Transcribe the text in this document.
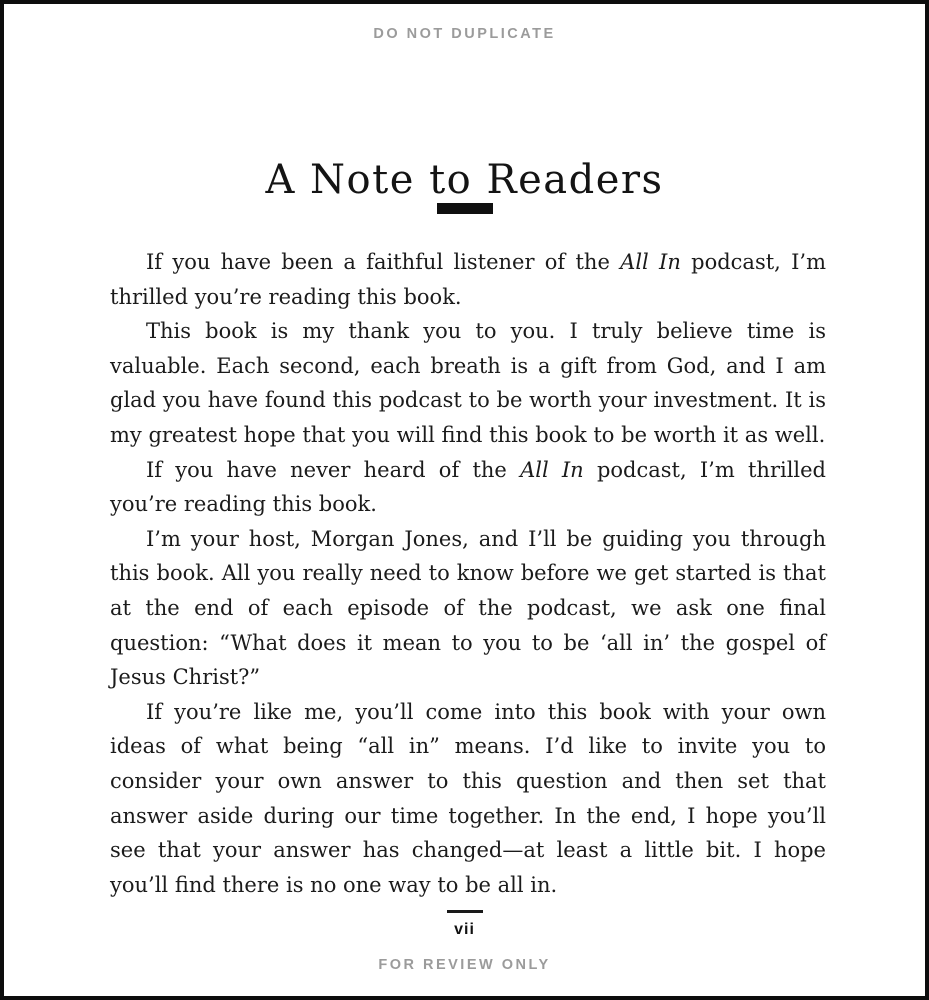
DO NOT DUPLICATE
A Note to Readers

If you have been a faithful listener of the All In podcast, I’m thrilled you’re reading this book.

This book is my thank you to you. I truly believe time is valuable. Each second, each breath is a gift from God, and I am glad you have found this podcast to be worth your investment. It is my greatest hope that you will find this book to be worth it as well.

If you have never heard of the All In podcast, I’m thrilled you’re reading this book.

I’m your host, Morgan Jones, and I’ll be guiding you through this book. All you really need to know before we get started is that at the end of each episode of the podcast, we ask one final question: “What does it mean to you to be ‘all in’ the gospel of Jesus Christ?”

If you’re like me, you’ll come into this book with your own ideas of what being “all in” means. I’d like to invite you to consider your own answer to this question and then set that answer aside during our time together. In the end, I hope you’ll see that your answer has changed—at least a little bit. I hope you’ll find there is no one way to be all in.

vii
FOR REVIEW ONLY
